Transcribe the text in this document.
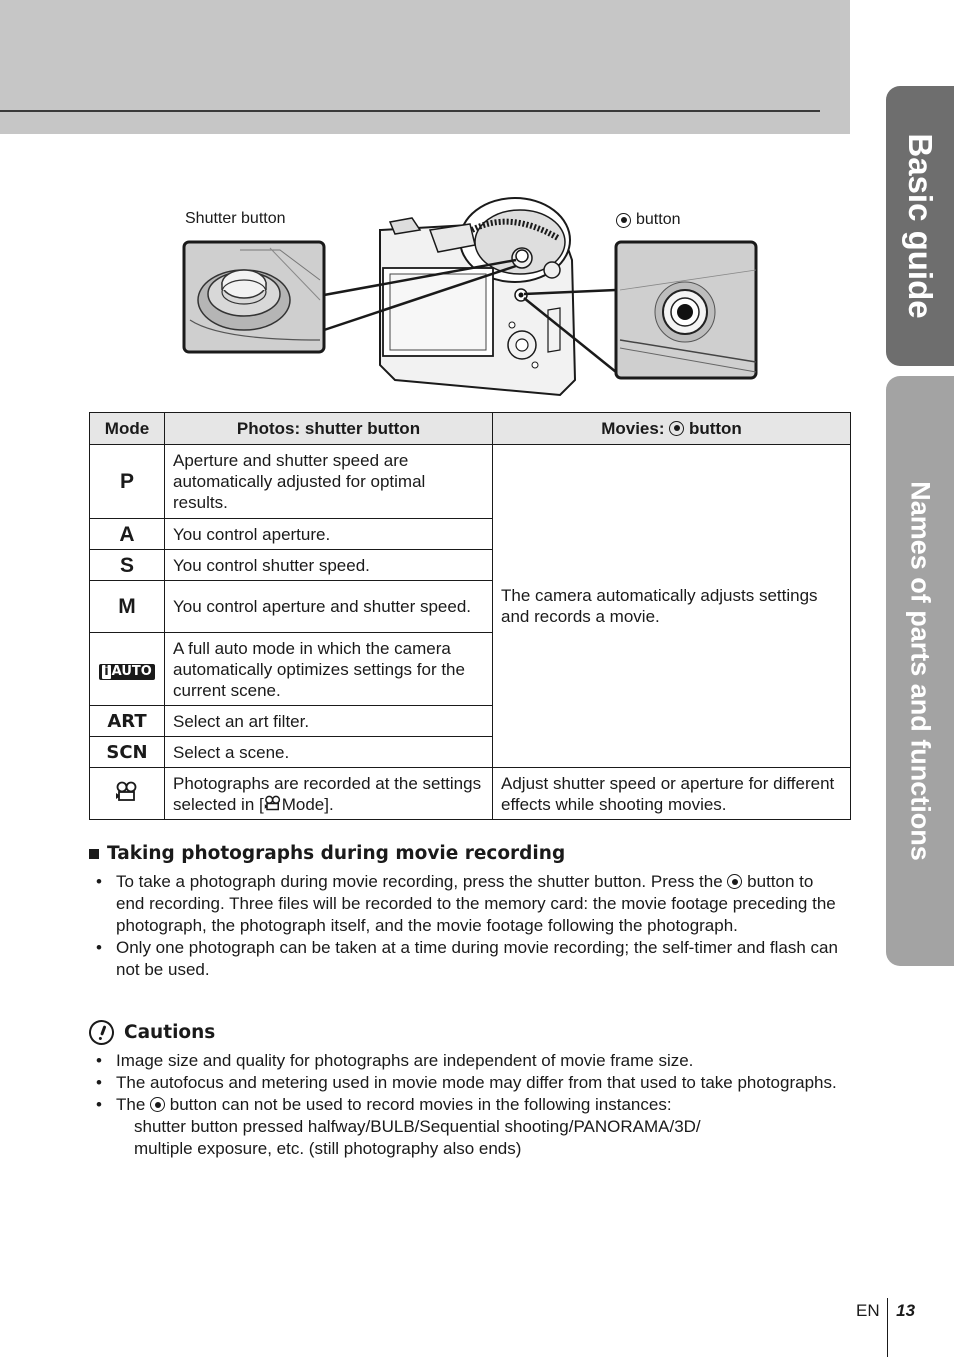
Basic guide
Names of parts and functions
Shutter button	button
Mode	Photos: shutter button	Movies: button
P	Aperture and shutter speed are automatically adjusted for optimal results.	The camera automatically adjusts settings and records a movie.
A	You control aperture.	
S	You control shutter speed.	
M	You control aperture and shutter speed.	
i AUTO	A full auto mode in which the camera automatically optimizes settings for the current scene.	
ART	Select an art filter.	
SCN	Select a scene.	
	Photographs are recorded at the settings selected in [ Mode].	Adjust shutter speed or aperture for different effects while shooting movies.
Taking photographs during movie recording
• To take a photograph during movie recording, press the shutter button. Press the button to end recording. Three files will be recorded to the memory card: the movie footage preceding the photograph, the photograph itself, and the movie footage following the photograph.
• Only one photograph can be taken at a time during movie recording; the self-timer and flash can not be used.
Cautions
• Image size and quality for photographs are independent of movie frame size.
• The autofocus and metering used in movie mode may differ from that used to take photographs.
• The button can not be used to record movies in the following instances:
shutter button pressed halfway/BULB/Sequential shooting/PANORAMA/3D/
multiple exposure, etc. (still photography also ends)
EN 13
